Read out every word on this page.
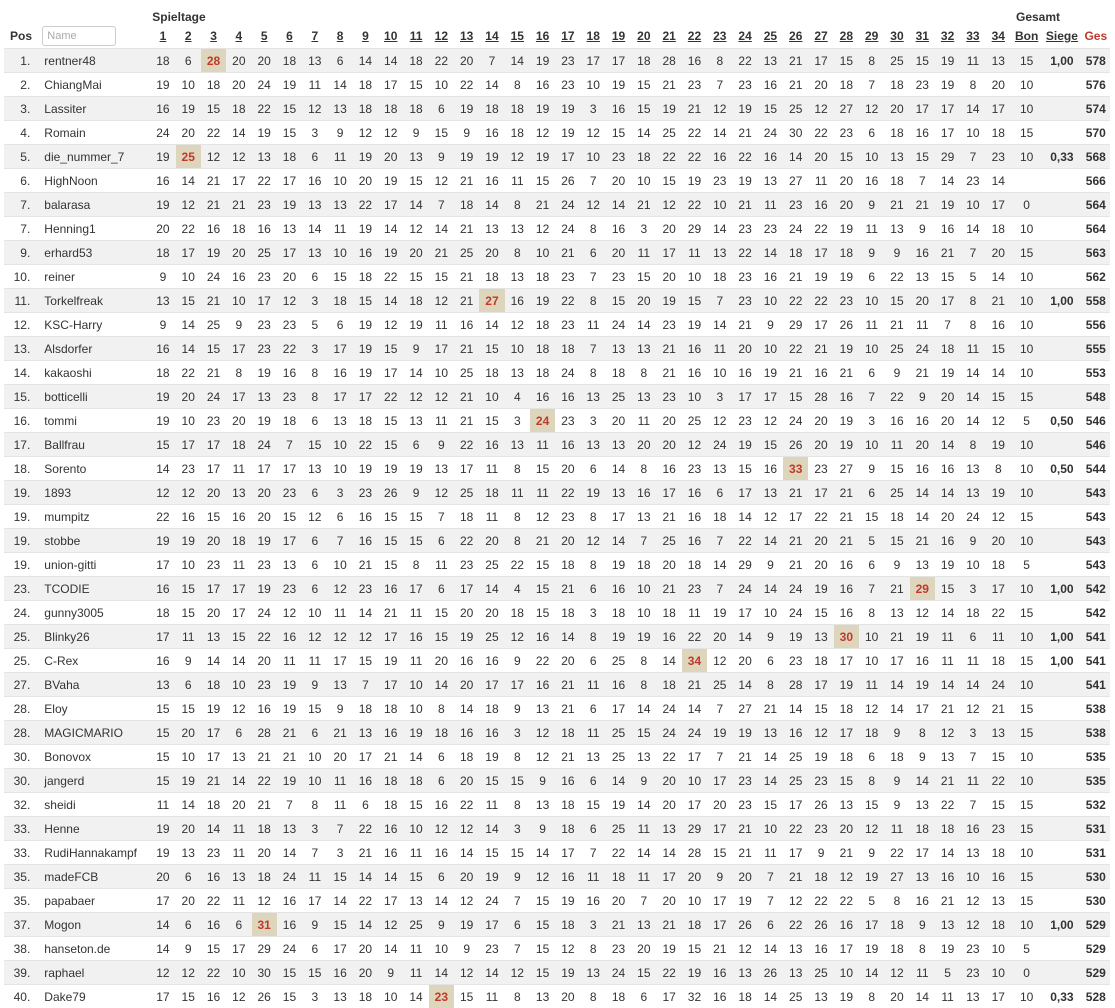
		Spieltage																																		Gesamt		
Pos	Name	1	2	3	4	5	6	7	8	9	10	11	12	13	14	15	16	17	18	19	20	21	22	23	24	25	26	27	28	29	30	31	32	33	34	Bon	Siege	Ges
1.	rentner48	18	6	28	20	20	18	13	6	14	14	18	22	20	7	14	19	23	17	17	18	28	16	8	22	13	21	17	15	8	25	15	19	11	13	15	1,00	578
2.	ChiangMai	19	10	18	20	24	19	11	14	18	17	15	10	22	14	8	16	23	10	19	15	21	23	7	23	16	21	20	18	7	18	23	19	8	20	10		576
3.	Lassiter	16	19	15	18	22	15	12	13	18	18	18	6	19	18	18	19	19	3	16	15	19	21	12	19	15	25	12	27	12	20	17	17	14	17	10		574
4.	Romain	24	20	22	14	19	15	3	9	12	12	9	15	9	16	18	12	19	12	15	14	25	22	14	21	24	30	22	23	6	18	16	17	10	18	15		570
5.	die_nummer_7	19	25	12	12	13	18	6	11	19	20	13	9	19	19	12	19	17	10	23	18	22	22	16	22	16	14	20	15	10	13	15	29	7	23	10	0,33	568
6.	HighNoon	16	14	21	17	22	17	16	10	20	19	15	12	21	16	11	15	26	7	20	10	15	19	23	19	13	27	11	20	16	18	7	14	23	14			566
7.	balarasa	19	12	21	21	23	19	13	13	22	17	14	7	18	14	8	21	24	12	14	21	12	22	10	21	11	23	16	20	9	21	21	19	10	17	0		564
7.	Henning1	20	22	16	18	16	13	14	11	19	14	12	14	21	13	13	12	24	8	16	3	20	29	14	23	23	24	22	19	11	13	9	16	14	18	10		564
9.	erhard53	18	17	19	20	25	17	13	10	16	19	20	21	25	20	8	10	21	6	20	11	17	11	13	22	14	18	17	18	9	9	16	21	7	20	15		563
10.	reiner	9	10	24	16	23	20	6	15	18	22	15	15	21	18	13	18	23	7	23	15	20	10	18	23	16	21	19	19	6	22	13	15	5	14	10		562
11.	Torkelfreak	13	15	21	10	17	12	3	18	15	14	18	12	21	27	16	19	22	8	15	20	19	15	7	23	10	22	22	23	10	15	20	17	8	21	10	1,00	558
12.	KSC-Harry	9	14	25	9	23	23	5	6	19	12	19	11	16	14	12	18	23	11	24	14	23	19	14	21	9	29	17	26	11	21	11	7	8	16	10		556
13.	Alsdorfer	16	14	15	17	23	22	3	17	19	15	9	17	21	15	10	18	18	7	13	13	21	16	11	20	10	22	21	19	10	25	24	18	11	15	10		555
14.	kakaoshi	18	22	21	8	19	16	8	16	19	17	14	10	25	18	13	18	24	8	18	8	21	16	10	16	19	21	16	21	6	9	21	19	14	14	10		553
15.	botticelli	19	20	24	17	13	23	8	17	17	22	12	12	21	10	4	16	16	13	25	13	23	10	3	17	17	15	28	16	7	22	9	20	14	15	15		548
16.	tommi	19	10	23	20	19	18	6	13	18	15	13	11	21	15	3	24	23	3	20	11	20	25	12	23	12	24	20	19	3	16	16	20	14	12	5	0,50	546
17.	Ballfrau	15	17	17	18	24	7	15	10	22	15	6	9	22	16	13	11	16	13	13	20	20	12	24	19	15	26	20	19	10	11	20	14	8	19	10		546
18.	Sorento	14	23	17	11	17	17	13	10	19	19	19	13	17	11	8	15	20	6	14	8	16	23	13	15	16	33	23	27	9	15	16	16	13	8	10	0,50	544
19.	1893	12	12	20	13	20	23	6	3	23	26	9	12	25	18	11	11	22	19	13	16	17	16	6	17	13	21	17	21	6	25	14	14	13	19	10		543
19.	mumpitz	22	16	15	16	20	15	12	6	16	15	15	7	18	11	8	12	23	8	17	13	21	16	18	14	12	17	22	21	15	18	14	20	24	12	15		543
19.	stobbe	19	19	20	18	19	17	6	7	16	15	15	6	22	20	8	21	20	12	14	7	25	16	7	22	14	21	20	21	5	15	21	16	9	20	10		543
19.	union-gitti	17	10	23	11	23	13	6	10	21	15	8	11	23	25	22	15	18	8	19	18	20	18	14	29	9	21	20	16	6	9	13	19	10	18	5		543
23.	TCODIE	16	15	17	17	19	23	6	12	23	16	17	6	17	14	4	15	21	6	16	10	21	23	7	24	14	24	19	16	7	21	29	15	3	17	10	1,00	542
24.	gunny3005	18	15	20	17	24	12	10	11	14	21	11	15	20	20	18	15	18	3	18	10	18	11	19	17	10	24	15	16	8	13	12	14	18	22	15		542
25.	Blinky26	17	11	13	15	22	16	12	12	12	17	16	15	19	25	12	16	14	8	19	19	16	22	20	14	9	19	13	30	10	21	19	11	6	11	10	1,00	541
25.	C-Rex	16	9	14	14	20	11	11	17	15	19	11	20	16	16	9	22	20	6	25	8	14	34	12	20	6	23	18	17	10	17	16	11	11	18	15	1,00	541
27.	BVaha	13	6	18	10	23	19	9	13	7	17	10	14	20	17	17	16	21	11	16	8	18	21	25	14	8	28	17	19	11	14	19	14	14	24	10		541
28.	Eloy	15	15	19	12	16	19	15	9	18	18	10	8	14	18	9	13	21	6	17	14	24	14	7	27	21	14	15	18	12	14	17	21	12	21	15		538
28.	MAGICMARIO	15	20	17	6	28	21	6	21	13	16	19	18	16	16	3	12	18	11	25	15	24	24	19	19	13	16	12	17	18	9	8	12	3	13	15		538
30.	Bonovox	15	10	17	13	21	21	10	20	17	21	14	6	18	19	8	12	21	13	25	13	22	17	7	21	14	25	19	18	6	18	9	13	7	15	10		535
30.	jangerd	15	19	21	14	22	19	10	11	16	18	18	6	20	15	15	9	16	6	14	9	20	10	17	23	14	25	23	15	8	9	14	21	11	22	10		535
32.	sheidi	11	14	18	20	21	7	8	11	6	18	15	16	22	11	8	13	18	15	19	14	20	17	20	23	15	17	26	13	15	9	13	22	7	15	15		532
33.	Henne	19	20	14	11	18	13	3	7	22	16	10	12	12	14	3	9	18	6	25	11	13	29	17	21	10	22	23	20	12	11	18	18	16	23	15		531
33.	RudiHannakampf	19	13	23	11	20	14	7	3	21	16	11	16	14	15	15	14	17	7	22	14	14	28	15	21	11	17	9	21	9	22	17	14	13	18	10		531
35.	madeFCB	20	6	16	13	18	24	11	15	14	14	15	6	20	19	9	12	16	11	18	11	17	20	9	20	7	21	18	12	19	27	13	16	10	16	15		530
35.	papabaer	17	20	22	11	12	16	17	14	22	17	13	14	12	24	7	15	19	16	20	7	20	10	17	19	7	12	22	22	5	8	16	21	12	13	15		530
37.	Mogon	14	6	16	6	31	16	9	15	14	12	25	9	19	17	6	15	18	3	21	13	21	18	17	26	6	22	26	16	17	18	9	13	12	18	10	1,00	529
38.	hanseton.de	14	9	15	17	29	24	6	17	20	14	11	10	9	23	7	15	12	8	23	20	19	15	21	12	14	13	16	17	19	18	8	19	23	10	5		529
39.	raphael	12	12	22	10	30	15	15	16	20	9	11	14	12	14	12	15	19	13	24	15	22	19	16	13	26	13	25	10	14	12	11	5	23	10	0		529
40.	Dake79	17	15	16	12	26	15	3	13	18	10	14	23	15	11	8	13	20	8	18	6	17	32	16	18	14	25	13	19	8	20	14	11	13	17	10	0,33	528
